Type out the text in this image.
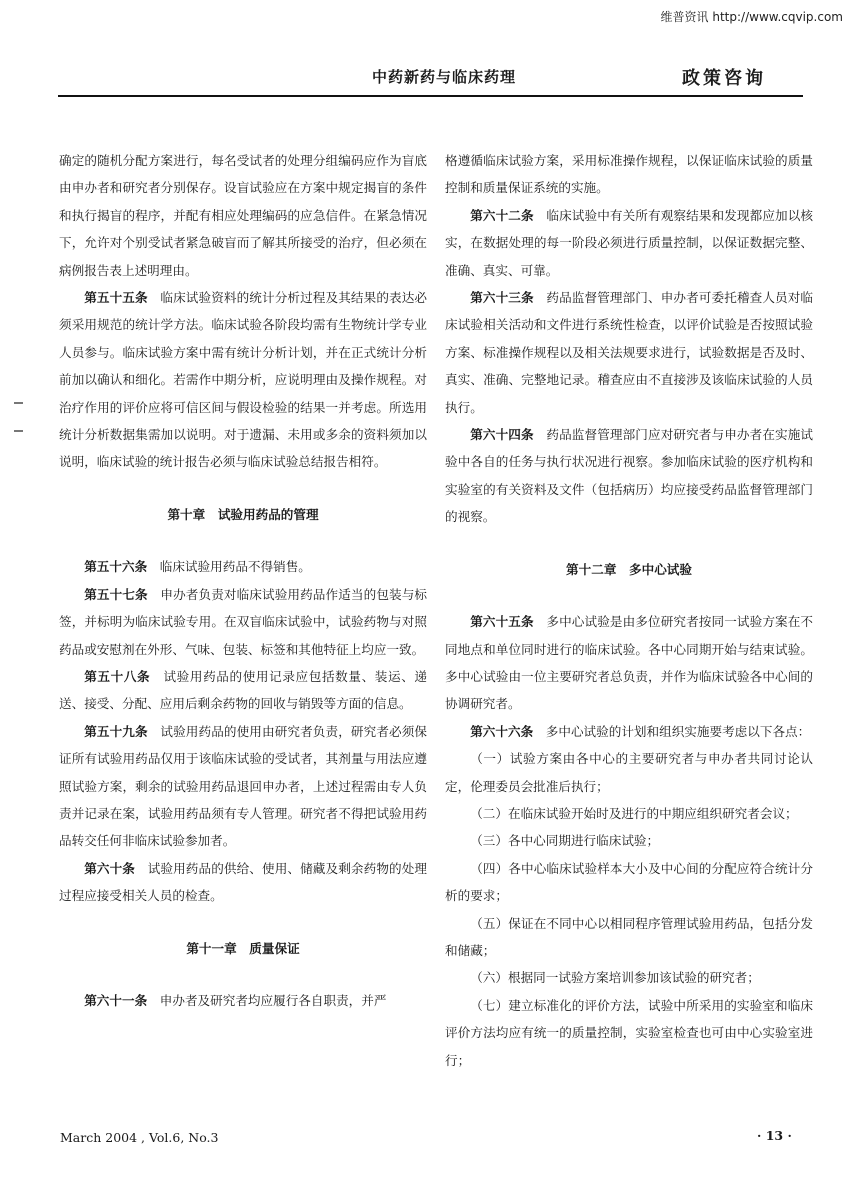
维普资讯 http://www.cqvip.com
中药新药与临床药理	政策咨询

确定的随机分配方案进行，每名受试者的处理分组编码应作为盲底由申办者和研究者分别保存。设盲试验应在方案中规定揭盲的条件和执行揭盲的程序，并配有相应处理编码的应急信件。在紧急情况下，允许对个别受试者紧急破盲而了解其所接受的治疗，但必须在病例报告表上述明理由。

第五十五条　临床试验资料的统计分析过程及其结果的表达必须采用规范的统计学方法。临床试验各阶段均需有生物统计学专业人员参与。临床试验方案中需有统计分析计划，并在正式统计分析前加以确认和细化。若需作中期分析，应说明理由及操作规程。对治疗作用的评价应将可信区间与假设检验的结果一并考虑。所选用统计分析数据集需加以说明。对于遗漏、未用或多余的资料须加以说明，临床试验的统计报告必须与临床试验总结报告相符。

第十章　试验用药品的管理

第五十六条　临床试验用药品不得销售。

第五十七条　申办者负责对临床试验用药品作适当的包装与标签，并标明为临床试验专用。在双盲临床试验中，试验药物与对照药品或安慰剂在外形、气味、包装、标签和其他特征上均应一致。

第五十八条　试验用药品的使用记录应包括数量、装运、递送、接受、分配、应用后剩余药物的回收与销毁等方面的信息。

第五十九条　试验用药品的使用由研究者负责，研究者必须保证所有试验用药品仅用于该临床试验的受试者，其剂量与用法应遵照试验方案，剩余的试验用药品退回申办者，上述过程需由专人负责并记录在案，试验用药品须有专人管理。研究者不得把试验用药品转交任何非临床试验参加者。

第六十条　试验用药品的供给、使用、储藏及剩余药物的处理过程应接受相关人员的检查。

第十一章　质量保证

第六十一条　申办者及研究者均应履行各自职责，并严

格遵循临床试验方案，采用标准操作规程，以保证临床试验的质量控制和质量保证系统的实施。

第六十二条　临床试验中有关所有观察结果和发现都应加以核实，在数据处理的每一阶段必须进行质量控制，以保证数据完整、准确、真实、可靠。

第六十三条　药品监督管理部门、申办者可委托稽查人员对临床试验相关活动和文件进行系统性检查，以评价试验是否按照试验方案、标准操作规程以及相关法规要求进行，试验数据是否及时、真实、准确、完整地记录。稽查应由不直接涉及该临床试验的人员执行。

第六十四条　药品监督管理部门应对研究者与申办者在实施试验中各自的任务与执行状况进行视察。参加临床试验的医疗机构和实验室的有关资料及文件（包括病历）均应接受药品监督管理部门的视察。

第十二章　多中心试验

第六十五条　多中心试验是由多位研究者按同一试验方案在不同地点和单位同时进行的临床试验。各中心同期开始与结束试验。多中心试验由一位主要研究者总负责，并作为临床试验各中心间的协调研究者。

第六十六条　多中心试验的计划和组织实施要考虑以下各点：

（一）试验方案由各中心的主要研究者与申办者共同讨论认定，伦理委员会批准后执行；

（二）在临床试验开始时及进行的中期应组织研究者会议；

（三）各中心同期进行临床试验；

（四）各中心临床试验样本大小及中心间的分配应符合统计分析的要求；

（五）保证在不同中心以相同程序管理试验用药品，包括分发和储藏；

（六）根据同一试验方案培训参加该试验的研究者；

（七）建立标准化的评价方法，试验中所采用的实验室和临床评价方法均应有统一的质量控制，实验室检查也可由中心实验室进行；

March 2004 , Vol.6, No.3	· 13 ·
